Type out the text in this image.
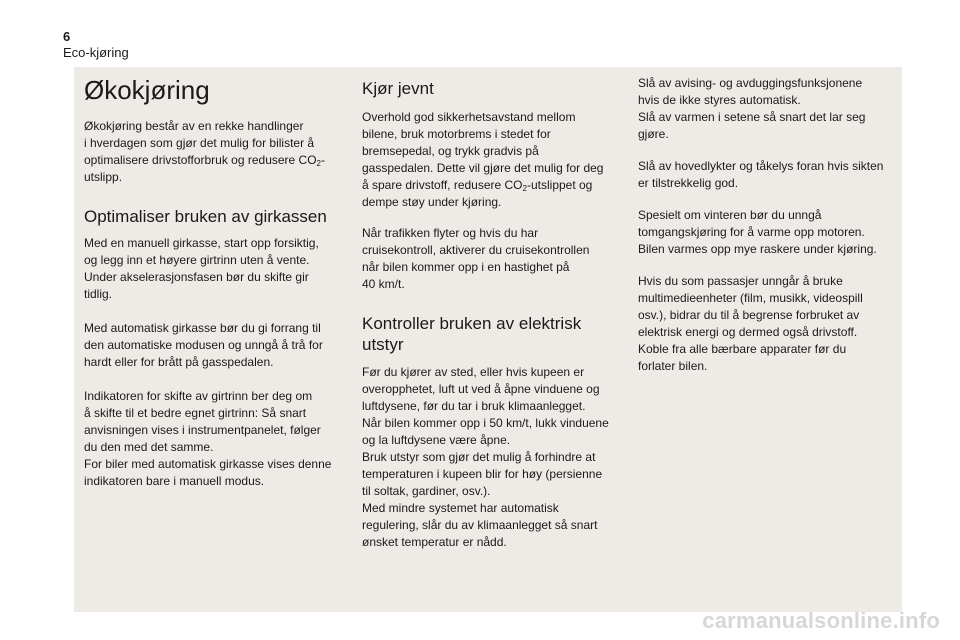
6
Eco-kjøring
Økokjøring

Økokjøring består av en rekke handlinger
i hverdagen som gjør det mulig for bilister å
optimalisere drivstofforbruk og redusere $CO_2-$
utslipp.

Optimaliser bruken av girkassen

Med en manuell girkasse, start opp forsiktig,
og legg inn et høyere girtrinn uten å vente.
Under akselerasjonsfasen bør du skifte gir
tidlig.

Med automatisk girkasse bør du gi forrang til
den automatiske modusen og unngå å trå for
hardt eller for brått på gasspedalen.

Indikatoren for skifte av girtrinn ber deg om
å skifte til et bedre egnet girtrinn: Så snart
anvisningen vises i instrumentpanelet, følger
du den med det samme.
For biler med automatisk girkasse vises denne
indikatoren bare i manuell modus.

Kjør jevnt

Overhold god sikkerhetsavstand mellom
bilene, bruk motorbrems i stedet for
bremsepedal, og trykk gradvis på
gasspedalen. Dette vil gjøre det mulig for deg
å spare drivstoff, redusere $CO_2$-utslippet og
dempe støy under kjøring.

Når trafikken flyter og hvis du har
cruisekontroll, aktiverer du cruisekontrollen
når bilen kommer opp i en hastighet på
40 km/t.

Kontroller bruken av elektrisk utstyr

Før du kjører av sted, eller hvis kupeen er
overopphetet, luft ut ved å åpne vinduene og
luftdysene, før du tar i bruk klimaanlegget.
Når bilen kommer opp i 50 km/t, lukk vinduene
og la luftdysene være åpne.
Bruk utstyr som gjør det mulig å forhindre at
temperaturen i kupeen blir for høy (persienne
til soltak, gardiner, osv.).
Med mindre systemet har automatisk
regulering, slår du av klimaanlegget så snart
ønsket temperatur er nådd.

Slå av avising- og avduggingsfunksjonene
hvis de ikke styres automatisk.
Slå av varmen i setene så snart det lar seg
gjøre.

Slå av hovedlykter og tåkelys foran hvis sikten
er tilstrekkelig god.

Spesielt om vinteren bør du unngå
tomgangskjøring for å varme opp motoren.
Bilen varmes opp mye raskere under kjøring.

Hvis du som passasjer unngår å bruke
multimedieenheter (film, musikk, videospill
osv.), bidrar du til å begrense forbruket av
elektrisk energi og dermed også drivstoff.
Koble fra alle bærbare apparater før du
forlater bilen.

carmanualsonline.info
